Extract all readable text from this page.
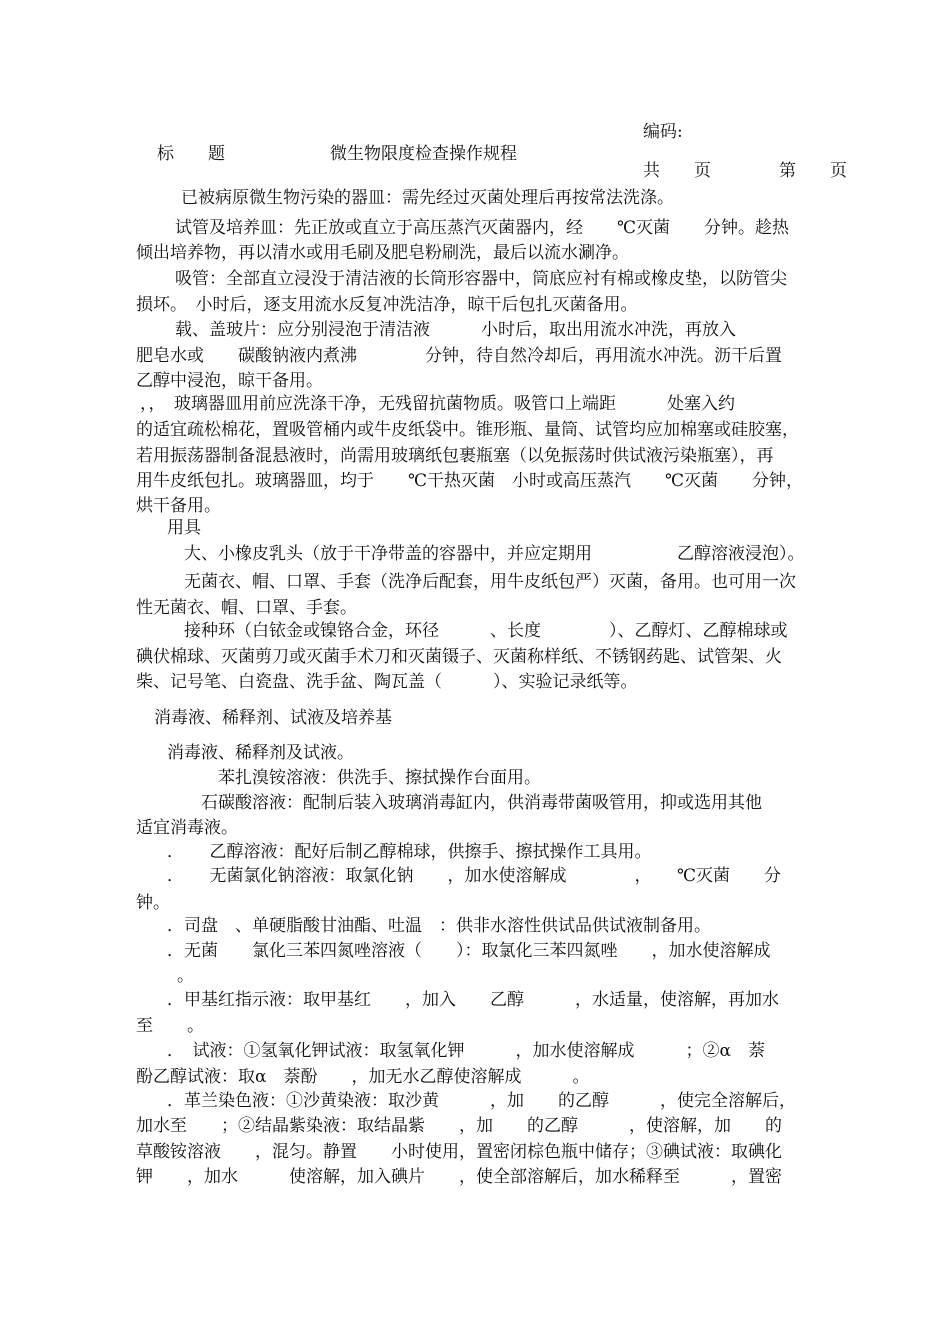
标　　题	微生物限度检查操作规程
编码:
共　　页	第　　页
　已被病原微生物污染的器皿：需先经过灭菌处理后再按常法洗涤。
　试管及培养皿：先正放或直立于高压蒸汽灭菌器内，经　　℃灭菌　　分钟。趁热
倾出培养物，再以清水或用毛刷及肥皂粉刷洗，最后以流水涮净。
　吸管：全部直立浸没于清洁液的长筒形容器中，筒底应衬有棉或橡皮垫，以防管尖
损坏。　小时后，逐支用流水反复冲洗洁净，晾干后包扎灭菌备用。
　载、盖玻片：应分别浸泡于清洁液　　　小时后，取出用流水冲洗，再放入
肥皂水或　　碳酸钠液内煮沸　　　　分钟，待自然冷却后，再用流水冲洗。沥干后置
乙醇中浸泡，晾干备用。
，，　玻璃器皿用前应洗涤干净，无残留抗菌物质。吸管口上端距　　　处塞入约
的适宜疏松棉花，置吸管桶内或牛皮纸袋中。锥形瓶、量筒、试管均应加棉塞或硅胶塞，
若用振荡器制备混悬液时，尚需用玻璃纸包裹瓶塞（以免振荡时供试液污染瓶塞），再
用牛皮纸包扎。玻璃器皿，均于　　℃干热灭菌　小时或高压蒸汽　　℃灭菌　　分钟，
烘干备用。
　用具
　　大、小橡皮乳头（放于干净带盖的容器中，并应定期用　　　　　乙醇溶液浸泡）。
　　无菌衣、帽、口罩、手套（洗净后配套，用牛皮纸包严）灭菌，备用。也可用一次
性无菌衣、帽、口罩、手套。
　　接种环（白铱金或镍铬合金，环径　　　、长度　　　　）、乙醇灯、乙醇棉球或
碘伏棉球、灭菌剪刀或灭菌手术刀和灭菌镊子、灭菌称样纸、不锈钢药匙、试管架、火
柴、记号笔、白瓷盘、洗手盆、陶瓦盖（　　　）、实验记录纸等。
消毒液、稀释剂、试液及培养基
　消毒液、稀释剂及试液。
　　　　苯扎溴铵溶液：供洗手、擦拭操作台面用。
　　　石碳酸溶液：配制后装入玻璃消毒缸内，供消毒带菌吸管用，抑或选用其他
适宜消毒液。
　．　　乙醇溶液：配好后制乙醇棉球，供擦手、擦拭操作工具用。
　．　　无菌氯化钠溶液：取氯化钠　　，加水使溶解成　　　　，　　℃灭菌　　分
钟。
　．司盘　、单硬脂酸甘油酯、吐温　：供非水溶性供试品供试液制备用。
　．无菌　　氯化三苯四氮唑溶液（　　）：取氯化三苯四氮唑　　，加水使溶解成
　。
　．甲基红指示液：取甲基红　　，加入　　乙醇　　　，水适量，使溶解，再加水
至　　。
　．　试液：①氢氧化钾试液：取氢氧化钾　　　，加水使溶解成　　　；②α　萘
酚乙醇试液：取α　萘酚　　，加无水乙醇使溶解成　　　。
　．革兰染色液：①沙黄染液：取沙黄　　　，加　　的乙醇　　　，使完全溶解后，
加水至　　；②结晶紫染液：取结晶紫　　，加　　的乙醇　　　，使溶解，加　　的
草酸铵溶液　　，混匀。静置　　小时使用，置密闭棕色瓶中储存；③碘试液：取碘化
钾　　，加水　　　使溶解，加入碘片　　，使全部溶解后，加水稀释至　　　，置密
